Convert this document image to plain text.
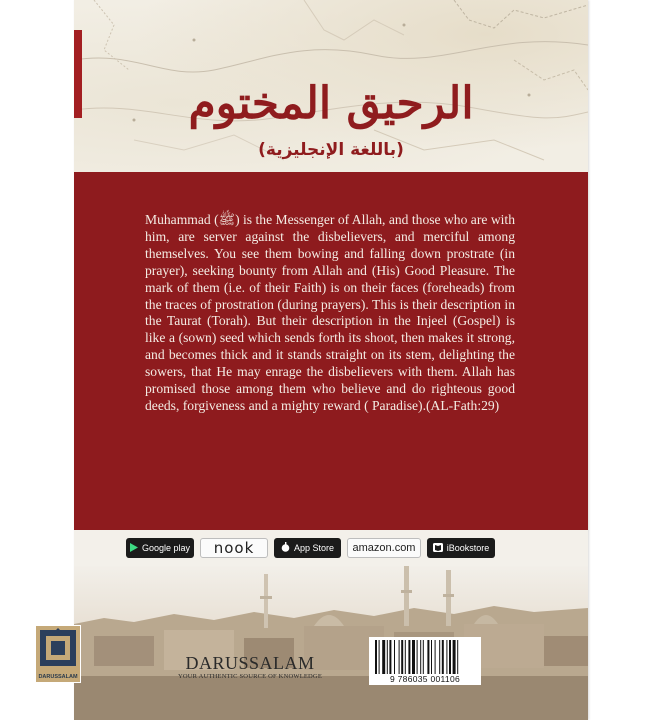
الرحيق المختوم
(باللغة الإنجليزية)

Muhammad (ﷺ) is the Messenger of Allah, and those who are with him, are server against the disbelievers, and merciful among themselves. You see them bowing and falling down prostrate (in prayer), seeking bounty from Allah and (His) Good Pleasure. The mark of them (i.e. of their Faith) is on their faces (foreheads) from the traces of prostration (during prayers). This is their description in the Taurat (Torah). But their description in the Injeel (Gospel) is like a (sown) seed which sends forth its shoot, then makes it strong, and becomes thick and it stands straight on its stem, delighting the sowers, that He may enrage the disbelievers with them. Allah has promised those among them who believe and do righteous good deeds, forgiveness and a mighty reward ( Paradise).(AL-Fath:29)

Google play nook	App Store amazon.com	iBookstore
DARUSSALAM
DARUSSALAM
YOUR AUTHENTIC SOURCE OF KNOWLEDGE	9 786035 001106
